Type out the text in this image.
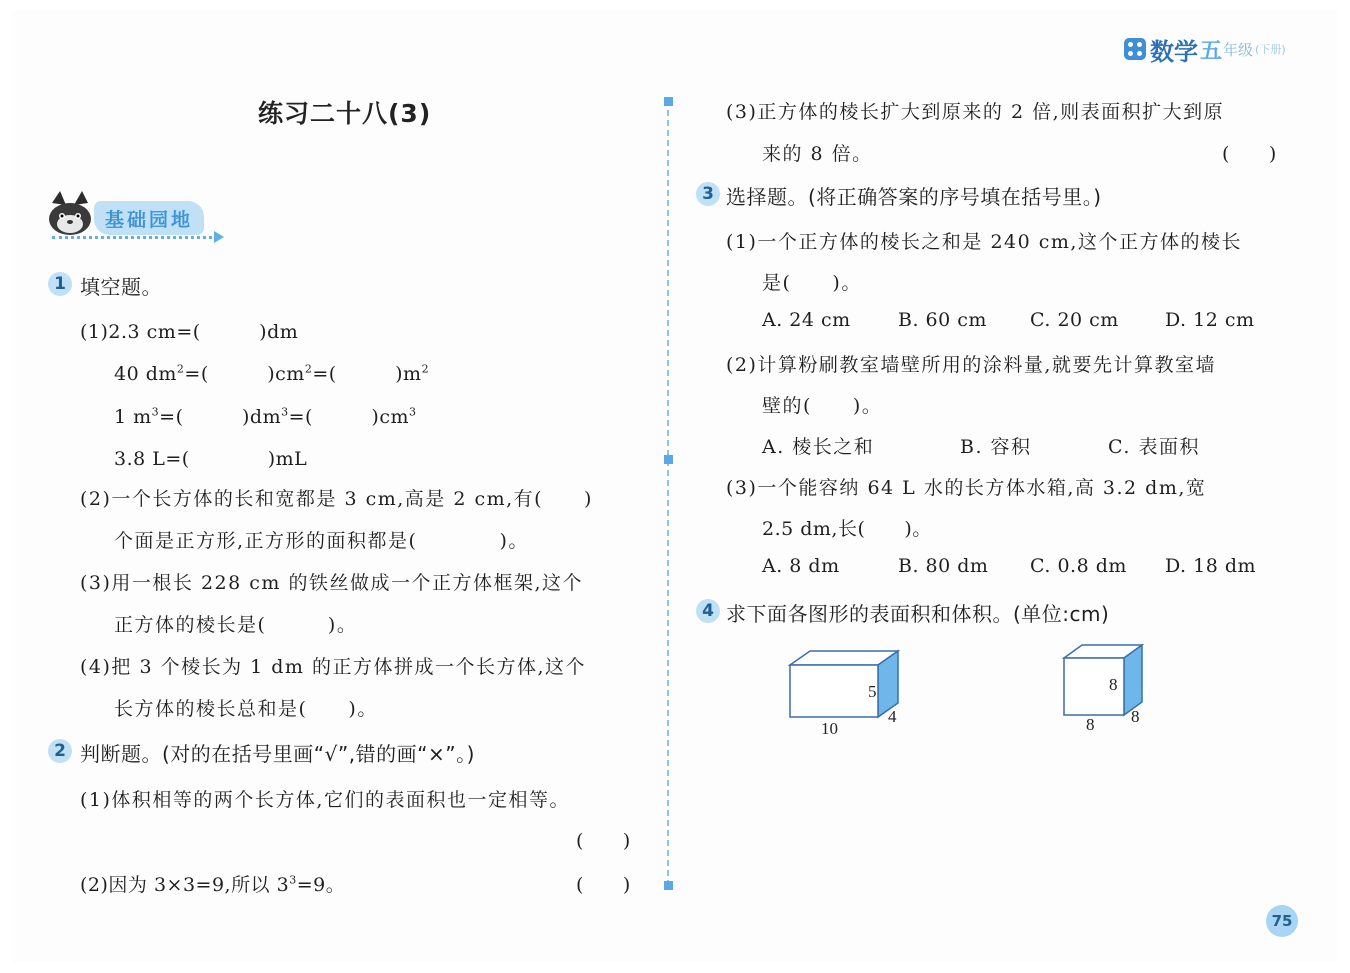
数学 五 年级 (下册)
练习二十八(3)
基础园地
1 填空题。
(1)2.3 cm=(　　　)dm
40 $dm^2=$(　　　)$cm^2=$(　　　)$m^2$
1 $m^3=$(　　　)$dm^3=$(　　　)$cm^3$
3.8 L=(　　　　)mL
(2)一个长方体的长和宽都是 3 cm,高是 2 cm,有(　　)
个面是正方形,正方形的面积都是(　　　　)。
(3)用一根长 228 cm 的铁丝做成一个正方体框架,这个
正方体的棱长是(　　　)。
(4)把 3 个棱长为 1 dm 的正方体拼成一个长方体,这个
长方体的棱长总和是(　　)。
2 判断题。(对的在括号里画“√”,错的画“×”。)
(1)体积相等的两个长方体,它们的表面积也一定相等。
(　　)
(2)因为 3×3=9,所以 $3^3=9$。	(　　)
(3)正方体的棱长扩大到原来的 2 倍,则表面积扩大到原
来的 8 倍。	(　　)
3 选择题。(将正确答案的序号填在括号里。)
(1)一个正方体的棱长之和是 240 cm,这个正方体的棱长
是(　　)。
A. 24 cm B. 60 cm C. 20 cm D. 12 cm
(2)计算粉刷教室墙壁所用的涂料量,就要先计算教室墙
壁的(　　)。
A. 棱长之和	B. 容积	C. 表面积
(3)一个能容纳 64 L 水的长方体水箱,高 3.2 dm,宽
2.5 dm,长(　　)。
A. 8 dm	B. 80 dm C. 0.8 dm D. 18 dm
4 求下面各图形的表面积和体积。(单位:cm)
5
4
10
8
8
8
75
